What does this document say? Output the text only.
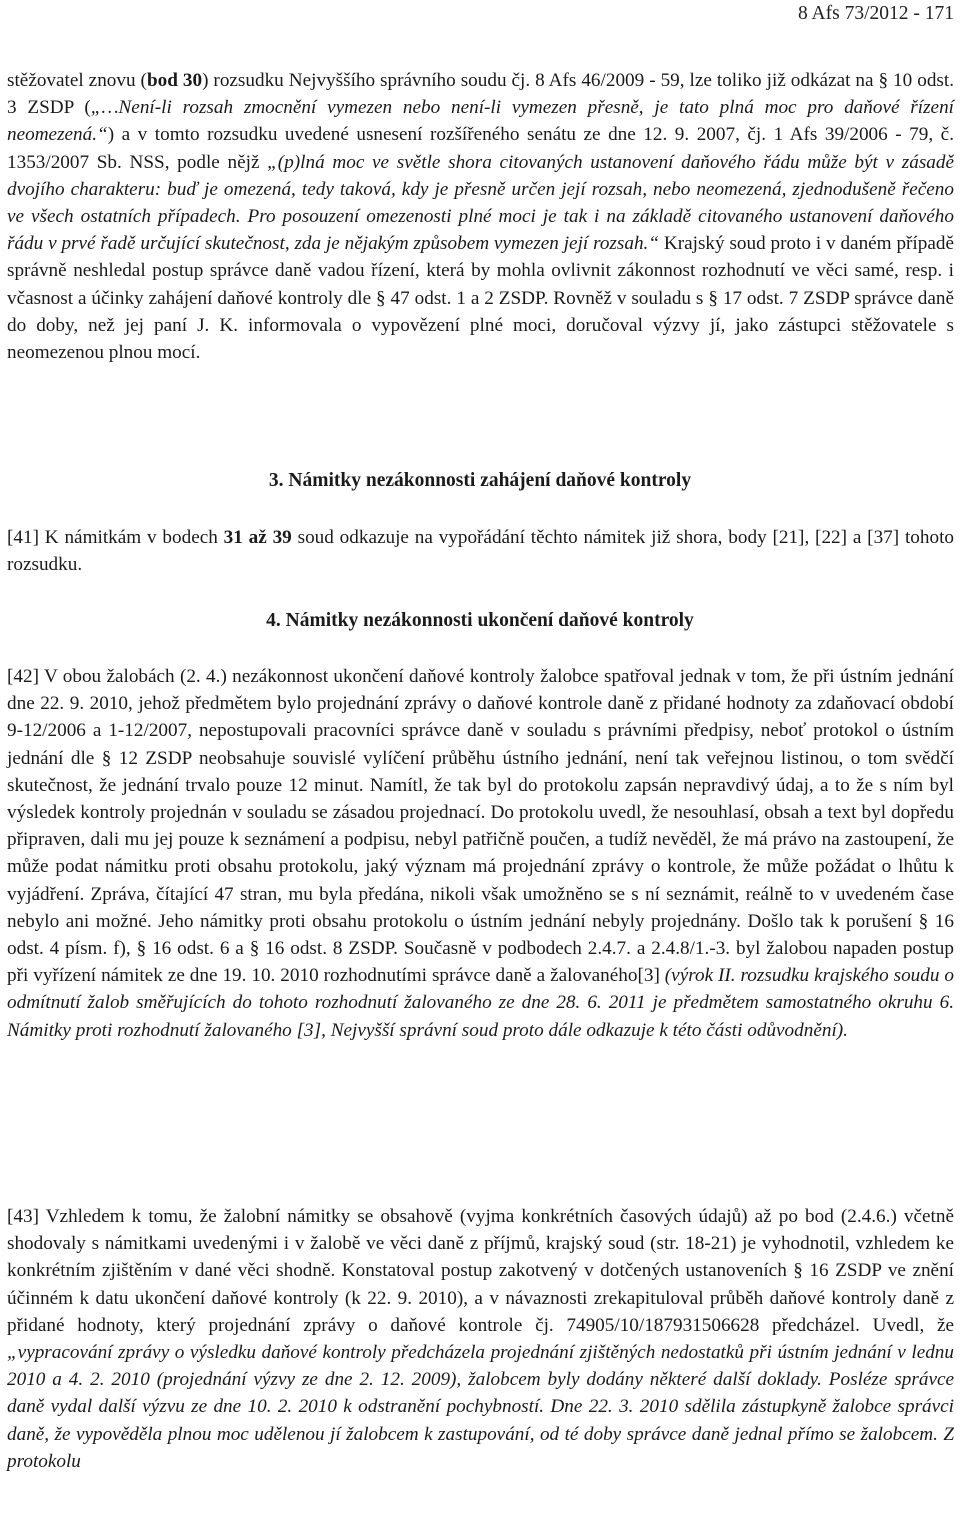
8 Afs 73/2012 - 171

stěžovatel znovu (bod 30) rozsudku Nejvyššího správního soudu čj. 8 Afs 46/2009 - 59, lze toliko již odkázat na § 10 odst. 3 ZSDP („…Není-li rozsah zmocnění vymezen nebo není-li vymezen přesně, je tato plná moc pro daňové řízení neomezená.“) a v tomto rozsudku uvedené usnesení rozšířeného senátu ze dne 12. 9. 2007, čj. 1 Afs 39/2006 - 79, č. 1353/2007 Sb. NSS, podle nějž „(p)lná moc ve světle shora citovaných ustanovení daňového řádu může být v zásadě dvojího charakteru: buď je omezená, tedy taková, kdy je přesně určen její rozsah, nebo neomezená, zjednodušeně řečeno ve všech ostatních případech. Pro posouzení omezenosti plné moci je tak i na základě citovaného ustanovení daňového řádu v prvé řadě určující skutečnost, zda je nějakým způsobem vymezen její rozsah.“ Krajský soud proto i v daném případě správně neshledal postup správce daně vadou řízení, která by mohla ovlivnit zákonnost rozhodnutí ve věci samé, resp. i včasnost a účinky zahájení daňové kontroly dle § 47 odst. 1 a 2 ZSDP. Rovněž v souladu s § 17 odst. 7 ZSDP správce daně do doby, než jej paní J. K. informovala o vypovězení plné moci, doručoval výzvy jí, jako zástupci stěžovatele s neomezenou plnou mocí.

3. Námitky nezákonnosti zahájení daňové kontroly

[41] K námitkám v bodech 31 až 39 soud odkazuje na vypořádání těchto námitek již shora, body [21], [22] a [37] tohoto rozsudku.

4. Námitky nezákonnosti ukončení daňové kontroly

[42] V obou žalobách (2. 4.) nezákonnost ukončení daňové kontroly žalobce spatřoval jednak v tom, že při ústním jednání dne 22. 9. 2010, jehož předmětem bylo projednání zprávy o daňové kontrole daně z přidané hodnoty za zdaňovací období 9-12/2006 a 1-12/2007, nepostupovali pracovníci správce daně v souladu s právními předpisy, neboť protokol o ústním jednání dle § 12 ZSDP neobsahuje souvislé vylíčení průběhu ústního jednání, není tak veřejnou listinou, o tom svědčí skutečnost, že jednání trvalo pouze 12 minut. Namítl, že tak byl do protokolu zapsán nepravdivý údaj, a to že s ním byl výsledek kontroly projednán v souladu se zásadou projednací. Do protokolu uvedl, že nesouhlasí, obsah a text byl dopředu připraven, dali mu jej pouze k seznámení a podpisu, nebyl patřičně poučen, a tudíž nevěděl, že má právo na zastoupení, že může podat námitku proti obsahu protokolu, jaký význam má projednání zprávy o kontrole, že může požádat o lhůtu k vyjádření. Zpráva, čítající 47 stran, mu byla předána, nikoli však umožněno se s ní seznámit, reálně to v uvedeném čase nebylo ani možné. Jeho námitky proti obsahu protokolu o ústním jednání nebyly projednány. Došlo tak k porušení § 16 odst. 4 písm. f), § 16 odst. 6 a § 16 odst. 8 ZSDP. Současně v podbodech 2.4.7. a 2.4.8/1.-3. byl žalobou napaden postup při vyřízení námitek ze dne 19. 10. 2010 rozhodnutími správce daně a žalovaného[3] (výrok II. rozsudku krajského soudu o odmítnutí žalob směřujících do tohoto rozhodnutí žalovaného ze dne 28. 6. 2011 je předmětem samostatného okruhu 6. Námitky proti rozhodnutí žalovaného [3], Nejvyšší správní soud proto dále odkazuje k této části odůvodnění).

[43] Vzhledem k tomu, že žalobní námitky se obsahově (vyjma konkrétních časových údajů) až po bod (2.4.6.) včetně shodovaly s námitkami uvedenými i v žalobě ve věci daně z příjmů, krajský soud (str. 18-21) je vyhodnotil, vzhledem ke konkrétním zjištěním v dané věci shodně. Konstatoval postup zakotvený v dotčených ustanoveních § 16 ZSDP ve znění účinném k datu ukončení daňové kontroly (k 22. 9. 2010), a v návaznosti zrekapituloval průběh daňové kontroly daně z přidané hodnoty, který projednání zprávy o daňové kontrole čj. 74905/10/187931506628 předcházel. Uvedl, že „vypracování zprávy o výsledku daňové kontroly předcházela projednání zjištěných nedostatků při ústním jednání v lednu 2010 a 4. 2. 2010 (projednání výzvy ze dne 2. 12. 2009), žalobcem byly dodány některé další doklady. Posléze správce daně vydal další výzvu ze dne 10. 2. 2010 k odstranění pochybností. Dne 22. 3. 2010 sdělila zástupkyně žalobce správci daně, že vypověděla plnou moc udělenou jí žalobcem k zastupování, od té doby správce daně jednal přímo se žalobcem. Z protokolu
